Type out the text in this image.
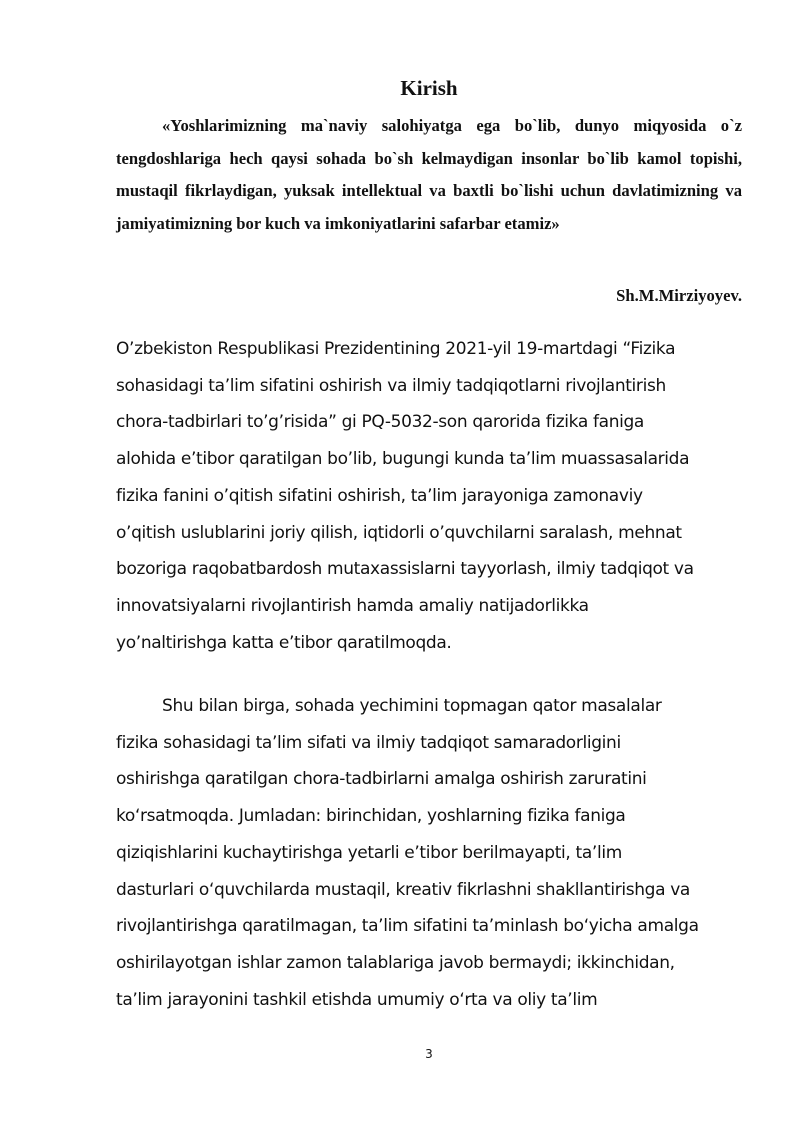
Kirish

«Yoshlarimizning ma`naviy salohiyatga ega bo`lib, dunyo miqyosida o`z tengdoshlariga hech qaysi sohada bo`sh kelmaydigan insonlar bo`lib kamol topishi, mustaqil fikrlaydigan, yuksak intellektual va baxtli bo`lishi uchun davlatimizning va jamiyatimizning bor kuch va imkoniyatlarini safarbar etamiz»

Sh.M.Mirziyoyev.

O’zbekiston Respublikasi Prezidentining 2021-yil 19-martdagi “Fizika
sohasidagi ta’lim sifatini oshirish va ilmiy tadqiqotlarni rivojlantirish
chora-tadbirlari to’g’risida” gi PQ-5032-son qarorida fizika faniga
alohida e’tibor qaratilgan bo’lib, bugungi kunda ta’lim muassasalarida
fizika fanini o’qitish sifatini oshirish, ta’lim jarayoniga zamonaviy
o’qitish uslublarini joriy qilish, iqtidorli o’quvchilarni saralash, mehnat
bozoriga raqobatbardosh mutaxassislarni tayyorlash, ilmiy tadqiqot va
innovatsiyalarni rivojlantirish hamda amaliy natijadorlikka
yo’naltirishga katta e’tibor qaratilmoqda.
Shu bilan birga, sohada yechimini topmagan qator masalalar
fizika sohasidagi ta’lim sifati va ilmiy tadqiqot samaradorligini
oshirishga qaratilgan chora-tadbirlarni amalga oshirish zaruratini
ko‘rsatmoqda. Jumladan: birinchidan, yoshlarning fizika faniga
qiziqishlarini kuchaytirishga yetarli e’tibor berilmayapti, ta’lim
dasturlari o‘quvchilarda mustaqil, kreativ fikrlashni shakllantirishga va
rivojlantirishga qaratilmagan, ta’lim sifatini ta’minlash bo‘yicha amalga
oshirilayotgan ishlar zamon talablariga javob bermaydi; ikkinchidan,
ta’lim jarayonini tashkil etishda umumiy o‘rta va oliy ta’lim

3
